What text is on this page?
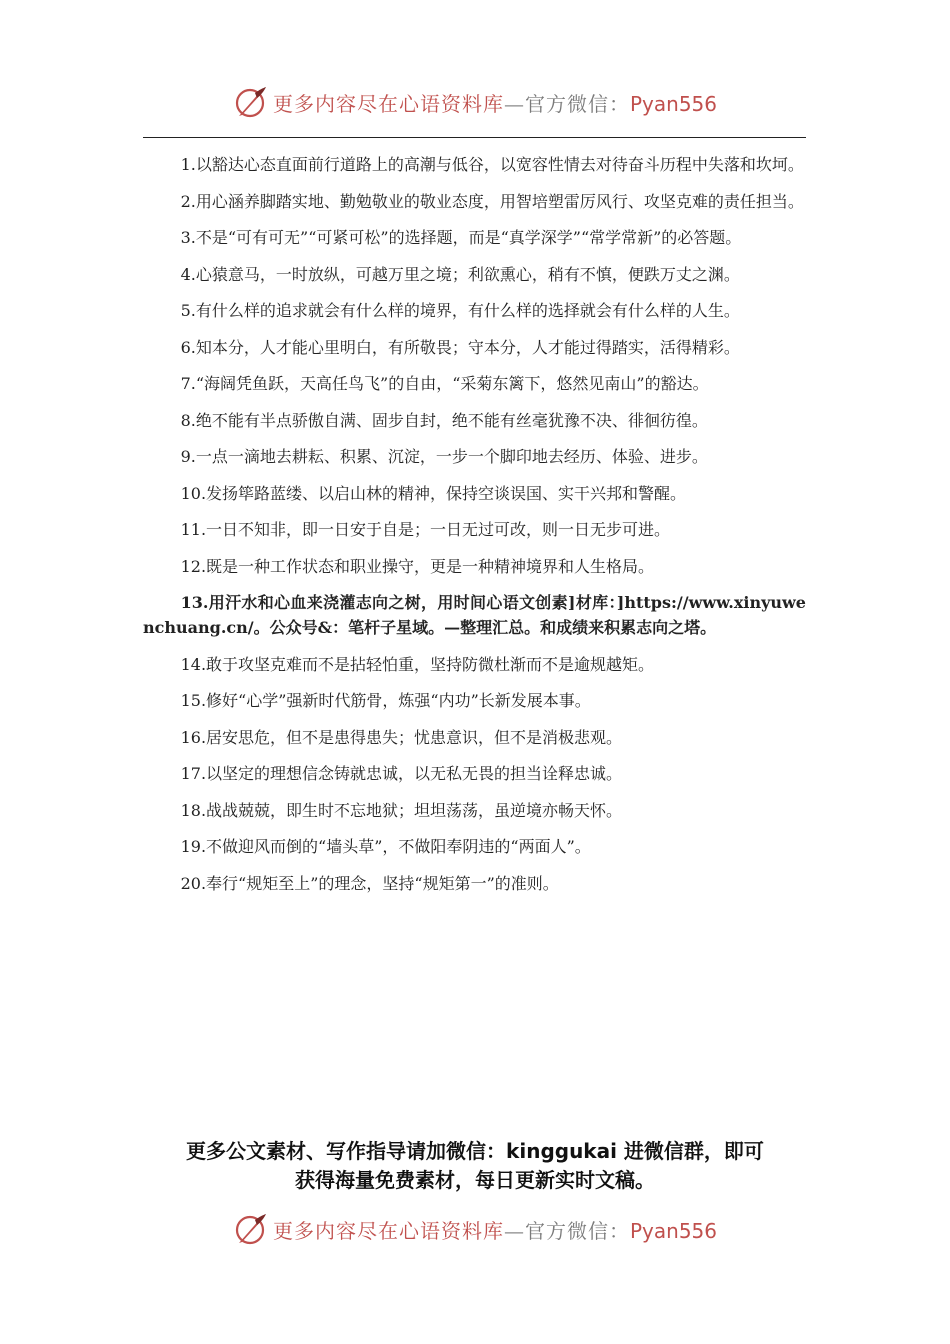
更多内容尽在心语资料库—官方微信：Pyan556

1.以豁达心态直面前行道路上的高潮与低谷，以宽容性情去对待奋斗历程中失落和坎坷。

2.用心涵养脚踏实地、勤勉敬业的敬业态度，用智培塑雷厉风行、攻坚克难的责任担当。

3.不是“可有可无”“可紧可松”的选择题，而是“真学深学”“常学常新”的必答题。

4.心猿意马，一时放纵，可越万里之境；利欲熏心，稍有不慎，便跌万丈之渊。

5.有什么样的追求就会有什么样的境界，有什么样的选择就会有什么样的人生。

6.知本分，人才能心里明白，有所敬畏；守本分，人才能过得踏实，活得精彩。

7.“海阔凭鱼跃，天高任鸟飞”的自由，“采菊东篱下，悠然见南山”的豁达。

8.绝不能有半点骄傲自满、固步自封，绝不能有丝毫犹豫不决、徘徊彷徨。

9.一点一滴地去耕耘、积累、沉淀，一步一个脚印地去经历、体验、进步。

10.发扬筚路蓝缕、以启山林的精神，保持空谈误国、实干兴邦和警醒。

11.一日不知非，即一日安于自是；一日无过可改，则一日无步可进。

12.既是一种工作状态和职业操守，更是一种精神境界和人生格局。

13.用汗水和心血来浇灌志向之树，用时间心语文创素]材库：]https://www.xinyuwenchuang.cn/。公众号&：笔杆子星域。—整理汇总。和成绩来积累志向之塔。

14.敢于攻坚克难而不是拈轻怕重，坚持防微杜渐而不是逾规越矩。

15.修好“心学”强新时代筋骨，炼强“内功”长新发展本事。

16.居安思危，但不是患得患失；忧患意识，但不是消极悲观。

17.以坚定的理想信念铸就忠诚，以无私无畏的担当诠释忠诚。

18.战战兢兢，即生时不忘地狱；坦坦荡荡，虽逆境亦畅天怀。

19.不做迎风而倒的“墙头草”，不做阳奉阴违的“两面人”。

20.奉行“规矩至上”的理念，坚持“规矩第一”的准则。

更多公文素材、写作指导请加微信：kinggukai 进微信群，即可
获得海量免费素材，每日更新实时文稿。
更多内容尽在心语资料库—官方微信：Pyan556
